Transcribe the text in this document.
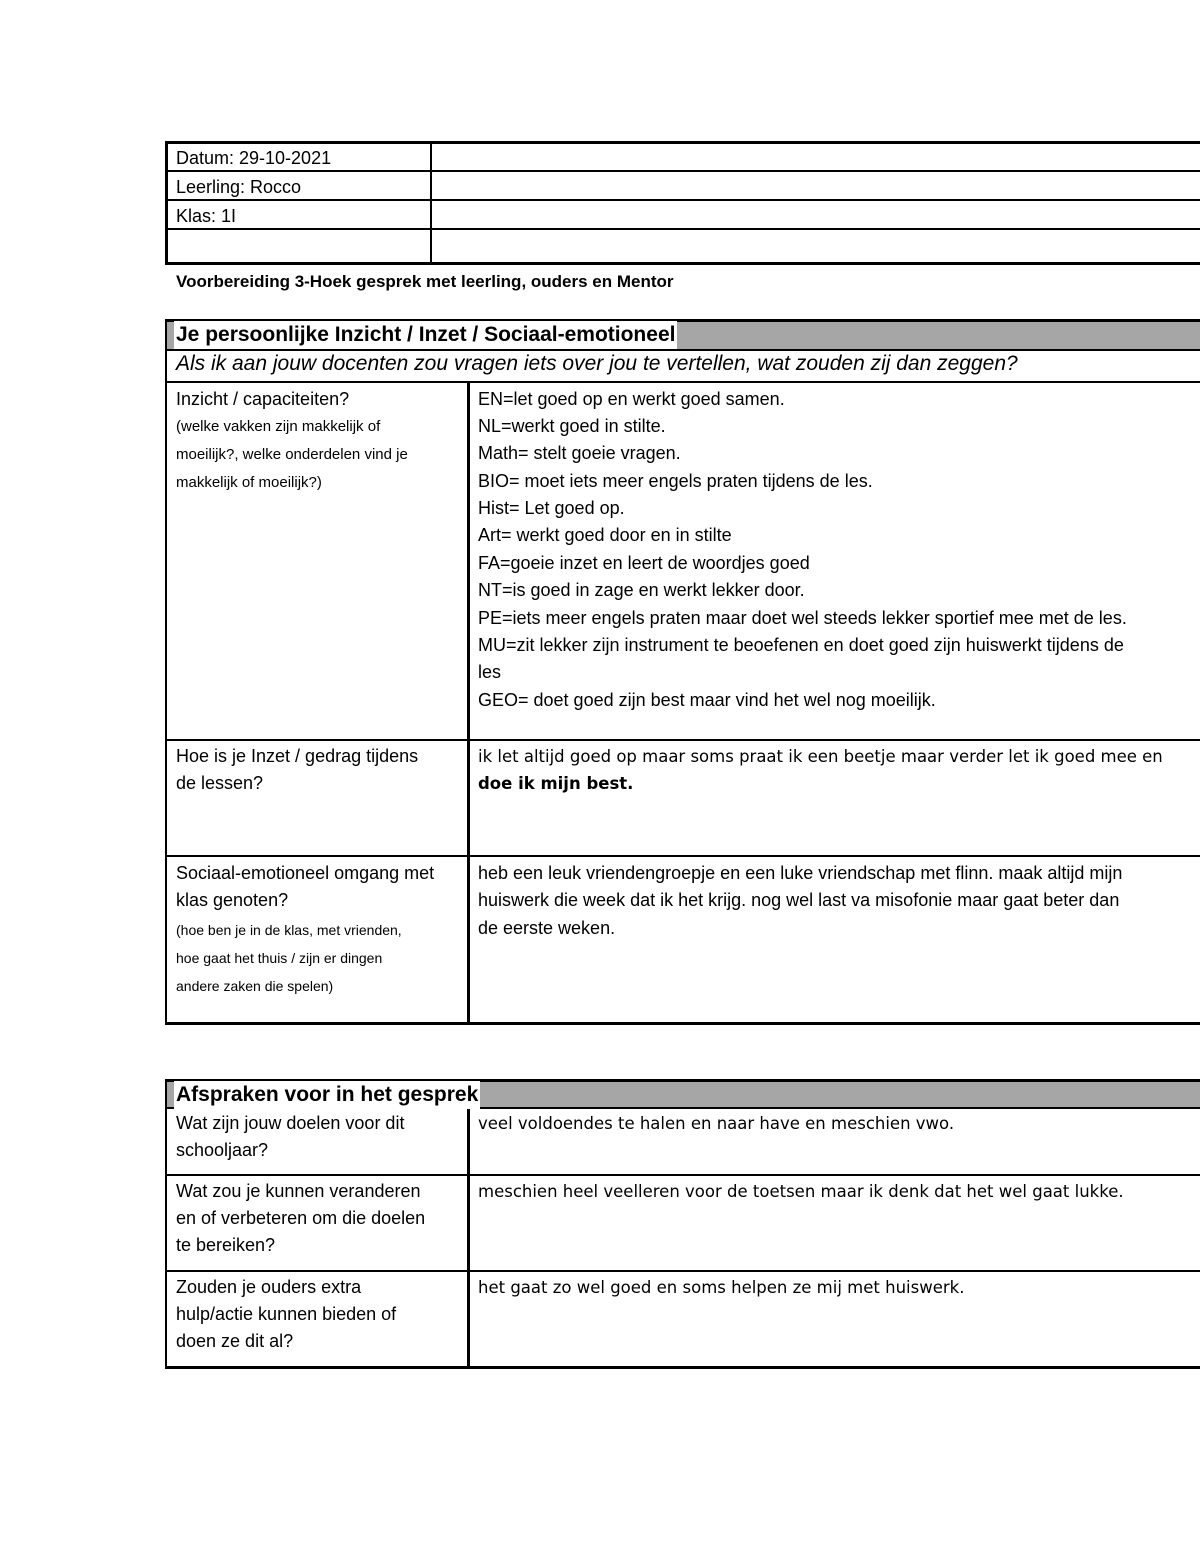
Datum: 29-10-2021
Leerling: Rocco
Klas: 1I
Voorbereiding 3-Hoek gesprek met leerling, ouders en Mentor
Je persoonlijke Inzicht / Inzet / Sociaal-emotioneel
Als ik aan jouw docenten zou vragen iets over jou te vertellen, wat zouden zij dan zeggen?
Inzicht / capaciteiten?
(welke vakken zijn makkelijk of
moeilijk?, welke onderdelen vind je
makkelijk of moeilijk?)
EN=let goed op en werkt goed samen.
NL=werkt goed in stilte.
Math= stelt goeie vragen.
BIO= moet iets meer engels praten tijdens de les.
Hist= Let goed op.
Art= werkt goed door en in stilte
FA=goeie inzet en leert de woordjes goed
NT=is goed in zage en werkt lekker door.
PE=iets meer engels praten maar doet wel steeds lekker sportief mee met de les.
MU=zit lekker zijn instrument te beoefenen en doet goed zijn huiswerkt tijdens de
les
GEO= doet goed zijn best maar vind het wel nog moeilijk.
Hoe is je Inzet / gedrag tijdens
de lessen?
ik let altijd goed op maar soms praat ik een beetje maar verder let ik goed mee en
doe ik mijn best.
Sociaal-emotioneel omgang met
klas genoten?
(hoe ben je in de klas, met vrienden,
hoe gaat het thuis / zijn er dingen
andere zaken die spelen)
heb een leuk vriendengroepje en een luke vriendschap met flinn. maak altijd mijn
huiswerk die week dat ik het krijg. nog wel last va misofonie maar gaat beter dan
de eerste weken.
Afspraken voor in het gesprek
Wat zijn jouw doelen voor dit
schooljaar?
veel voldoendes te halen en naar have en meschien vwo.
Wat zou je kunnen veranderen
en of verbeteren om die doelen
te bereiken?
meschien heel veelleren voor de toetsen maar ik denk dat het wel gaat lukke.
Zouden je ouders extra
hulp/actie kunnen bieden of
doen ze dit al?
het gaat zo wel goed en soms helpen ze mij met huiswerk.
